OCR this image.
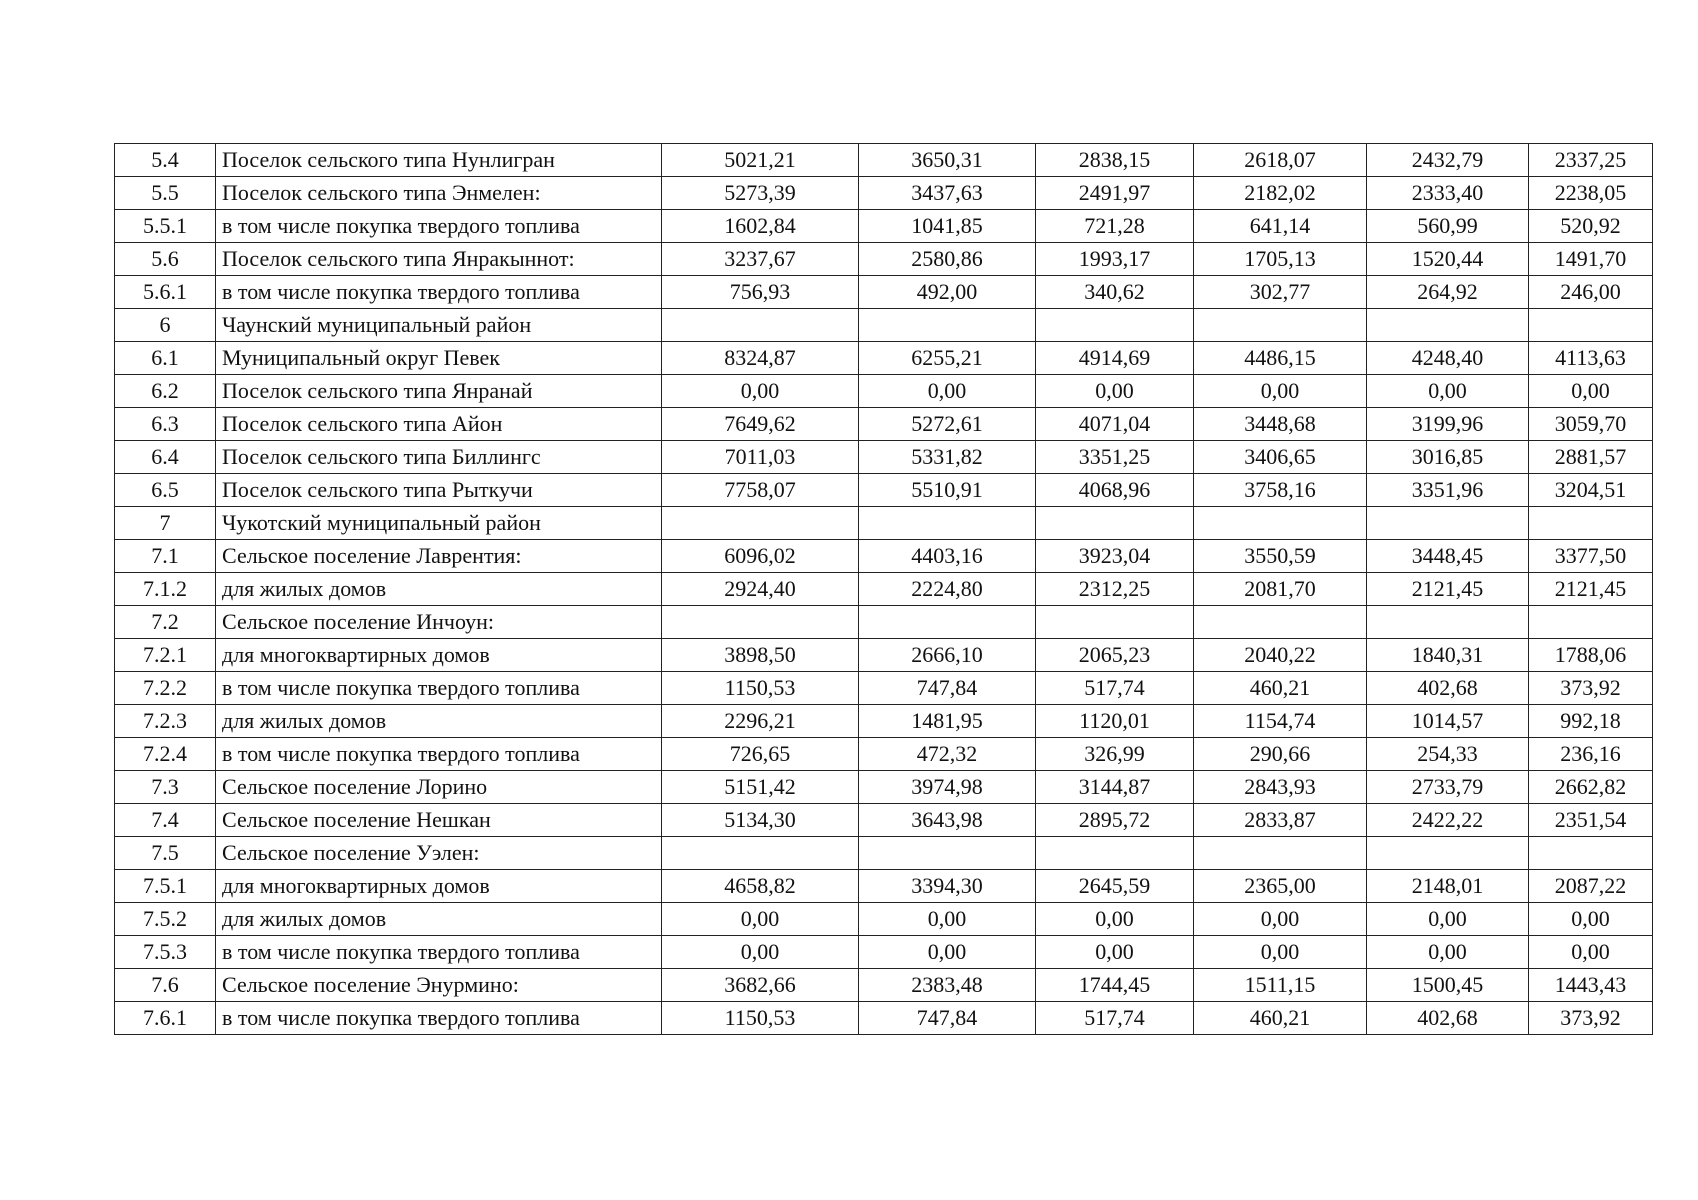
5.4	Поселок сельского типа Нунлигран	5021,21	3650,31	2838,15	2618,07	2432,79	2337,25
5.5	Поселок сельского типа Энмелен:	5273,39	3437,63	2491,97	2182,02	2333,40	2238,05
5.5.1	в том числе покупка твердого топлива	1602,84	1041,85	721,28	641,14	560,99	520,92
5.6	Поселок сельского типа Янракыннот:	3237,67	2580,86	1993,17	1705,13	1520,44	1491,70
5.6.1	в том числе покупка твердого топлива	756,93	492,00	340,62	302,77	264,92	246,00
6	Чаунский муниципальный район						
6.1	Муниципальный округ Певек	8324,87	6255,21	4914,69	4486,15	4248,40	4113,63
6.2	Поселок сельского типа Янранай	0,00	0,00	0,00	0,00	0,00	0,00
6.3	Поселок сельского типа Айон	7649,62	5272,61	4071,04	3448,68	3199,96	3059,70
6.4	Поселок сельского типа Биллингс	7011,03	5331,82	3351,25	3406,65	3016,85	2881,57
6.5	Поселок сельского типа Рыткучи	7758,07	5510,91	4068,96	3758,16	3351,96	3204,51
7	Чукотский муниципальный район						
7.1	Сельское поселение Лаврентия:	6096,02	4403,16	3923,04	3550,59	3448,45	3377,50
7.1.2	для жилых домов	2924,40	2224,80	2312,25	2081,70	2121,45	2121,45
7.2	Сельское поселение Инчоун:						
7.2.1	для многоквартирных домов	3898,50	2666,10	2065,23	2040,22	1840,31	1788,06
7.2.2	в том числе покупка твердого топлива	1150,53	747,84	517,74	460,21	402,68	373,92
7.2.3	для жилых домов	2296,21	1481,95	1120,01	1154,74	1014,57	992,18
7.2.4	в том числе покупка твердого топлива	726,65	472,32	326,99	290,66	254,33	236,16
7.3	Сельское поселение Лорино	5151,42	3974,98	3144,87	2843,93	2733,79	2662,82
7.4	Сельское поселение Нешкан	5134,30	3643,98	2895,72	2833,87	2422,22	2351,54
7.5	Сельское поселение Уэлен:						
7.5.1	для многоквартирных домов	4658,82	3394,30	2645,59	2365,00	2148,01	2087,22
7.5.2	для жилых домов	0,00	0,00	0,00	0,00	0,00	0,00
7.5.3	в том числе покупка твердого топлива	0,00	0,00	0,00	0,00	0,00	0,00
7.6	Сельское поселение Энурмино:	3682,66	2383,48	1744,45	1511,15	1500,45	1443,43
7.6.1	в том числе покупка твердого топлива	1150,53	747,84	517,74	460,21	402,68	373,92
